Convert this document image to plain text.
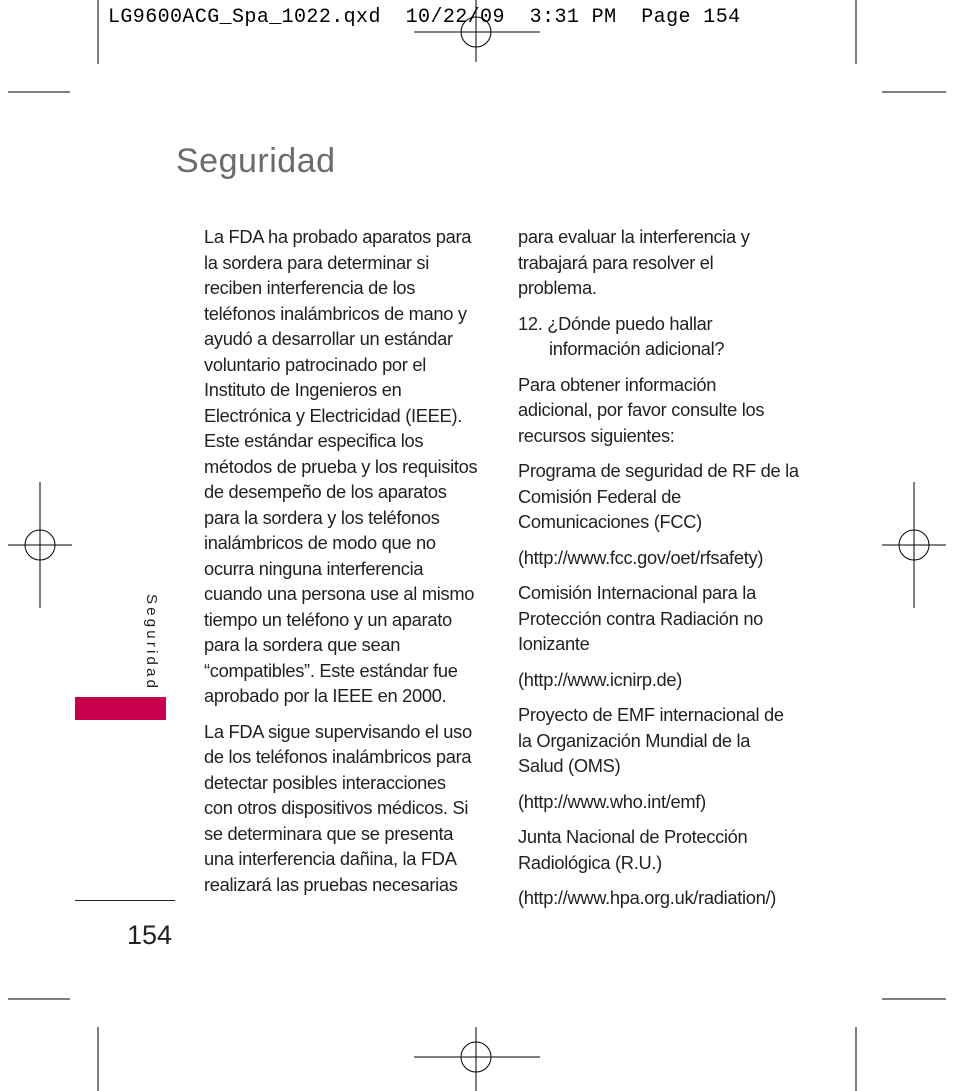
LG9600ACG_Spa_1022.qxd  10/22/09  3:31 PM  Page 154
Seguridad

La FDA ha probado aparatos para
la sordera para determinar si
reciben interferencia de los
teléfonos inalámbricos de mano y
ayudó a desarrollar un estándar
voluntario patrocinado por el
Instituto de Ingenieros en
Electrónica y Electricidad (IEEE).
Este estándar especifica los
métodos de prueba y los requisitos
de desempeño de los aparatos
para la sordera y los teléfonos
inalámbricos de modo que no
ocurra ninguna interferencia
cuando una persona use al mismo
tiempo un teléfono y un aparato
para la sordera que sean
“compatibles”. Este estándar fue
aprobado por la IEEE en 2000.

La FDA sigue supervisando el uso
de los teléfonos inalámbricos para
detectar posibles interacciones
con otros dispositivos médicos. Si
se determinara que se presenta
una interferencia dañina, la FDA
realizará las pruebas necesarias

para evaluar la interferencia y
trabajará para resolver el
problema.

12. ¿Dónde puedo hallar
información adicional?

Para obtener información
adicional, por favor consulte los
recursos siguientes:

Programa de seguridad de RF de la
Comisión Federal de
Comunicaciones (FCC)

(http://www.fcc.gov/oet/rfsafety)

Comisión Internacional para la
Protección contra Radiación no
Ionizante

(http://www.icnirp.de)

Proyecto de EMF internacional de
la Organización Mundial de la
Salud (OMS)

(http://www.who.int/emf)

Junta Nacional de Protección
Radiológica (R.U.)

(http://www.hpa.org.uk/radiation/)

Seguridad
154
